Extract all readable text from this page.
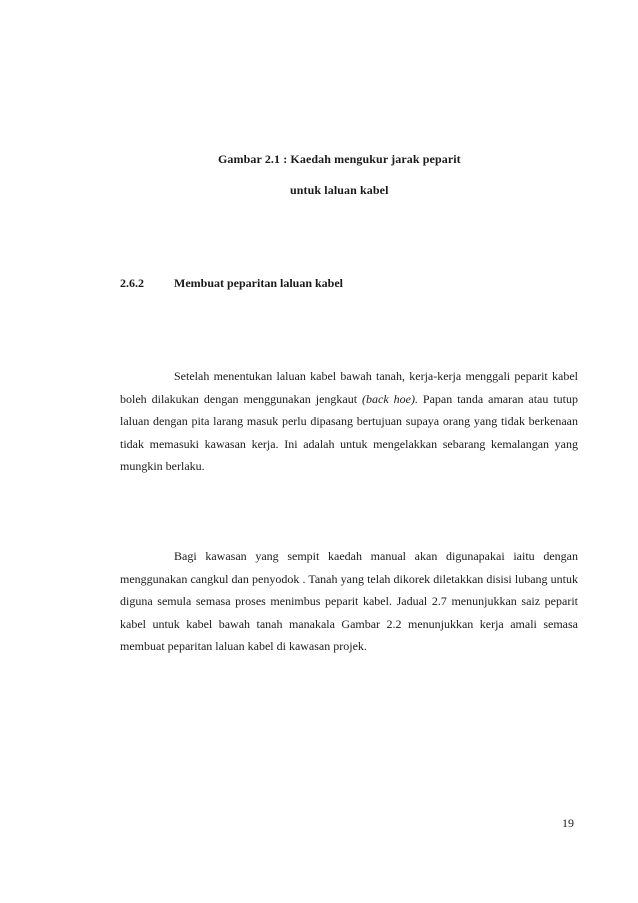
Gambar 2.1 : Kaedah mengukur jarak peparit
untuk laluan kabel
2.6.2	Membuat peparitan laluan kabel

Setelah menentukan laluan kabel bawah tanah, kerja-kerja menggali peparit kabel boleh dilakukan dengan menggunakan jengkaut (back hoe). Papan tanda amaran atau tutup laluan dengan pita larang masuk perlu dipasang bertujuan supaya orang yang tidak berkenaan tidak memasuki kawasan kerja. Ini adalah untuk mengelakkan sebarang kemalangan yang mungkin berlaku.

Bagi kawasan yang sempit kaedah manual akan digunapakai iaitu dengan menggunakan cangkul dan penyodok . Tanah yang telah dikorek diletakkan disisi lubang untuk diguna semula semasa proses menimbus peparit kabel. Jadual 2.7 menunjukkan saiz peparit kabel untuk kabel bawah tanah manakala Gambar 2.2 menunjukkan kerja amali semasa membuat peparitan laluan kabel di kawasan projek.

19
